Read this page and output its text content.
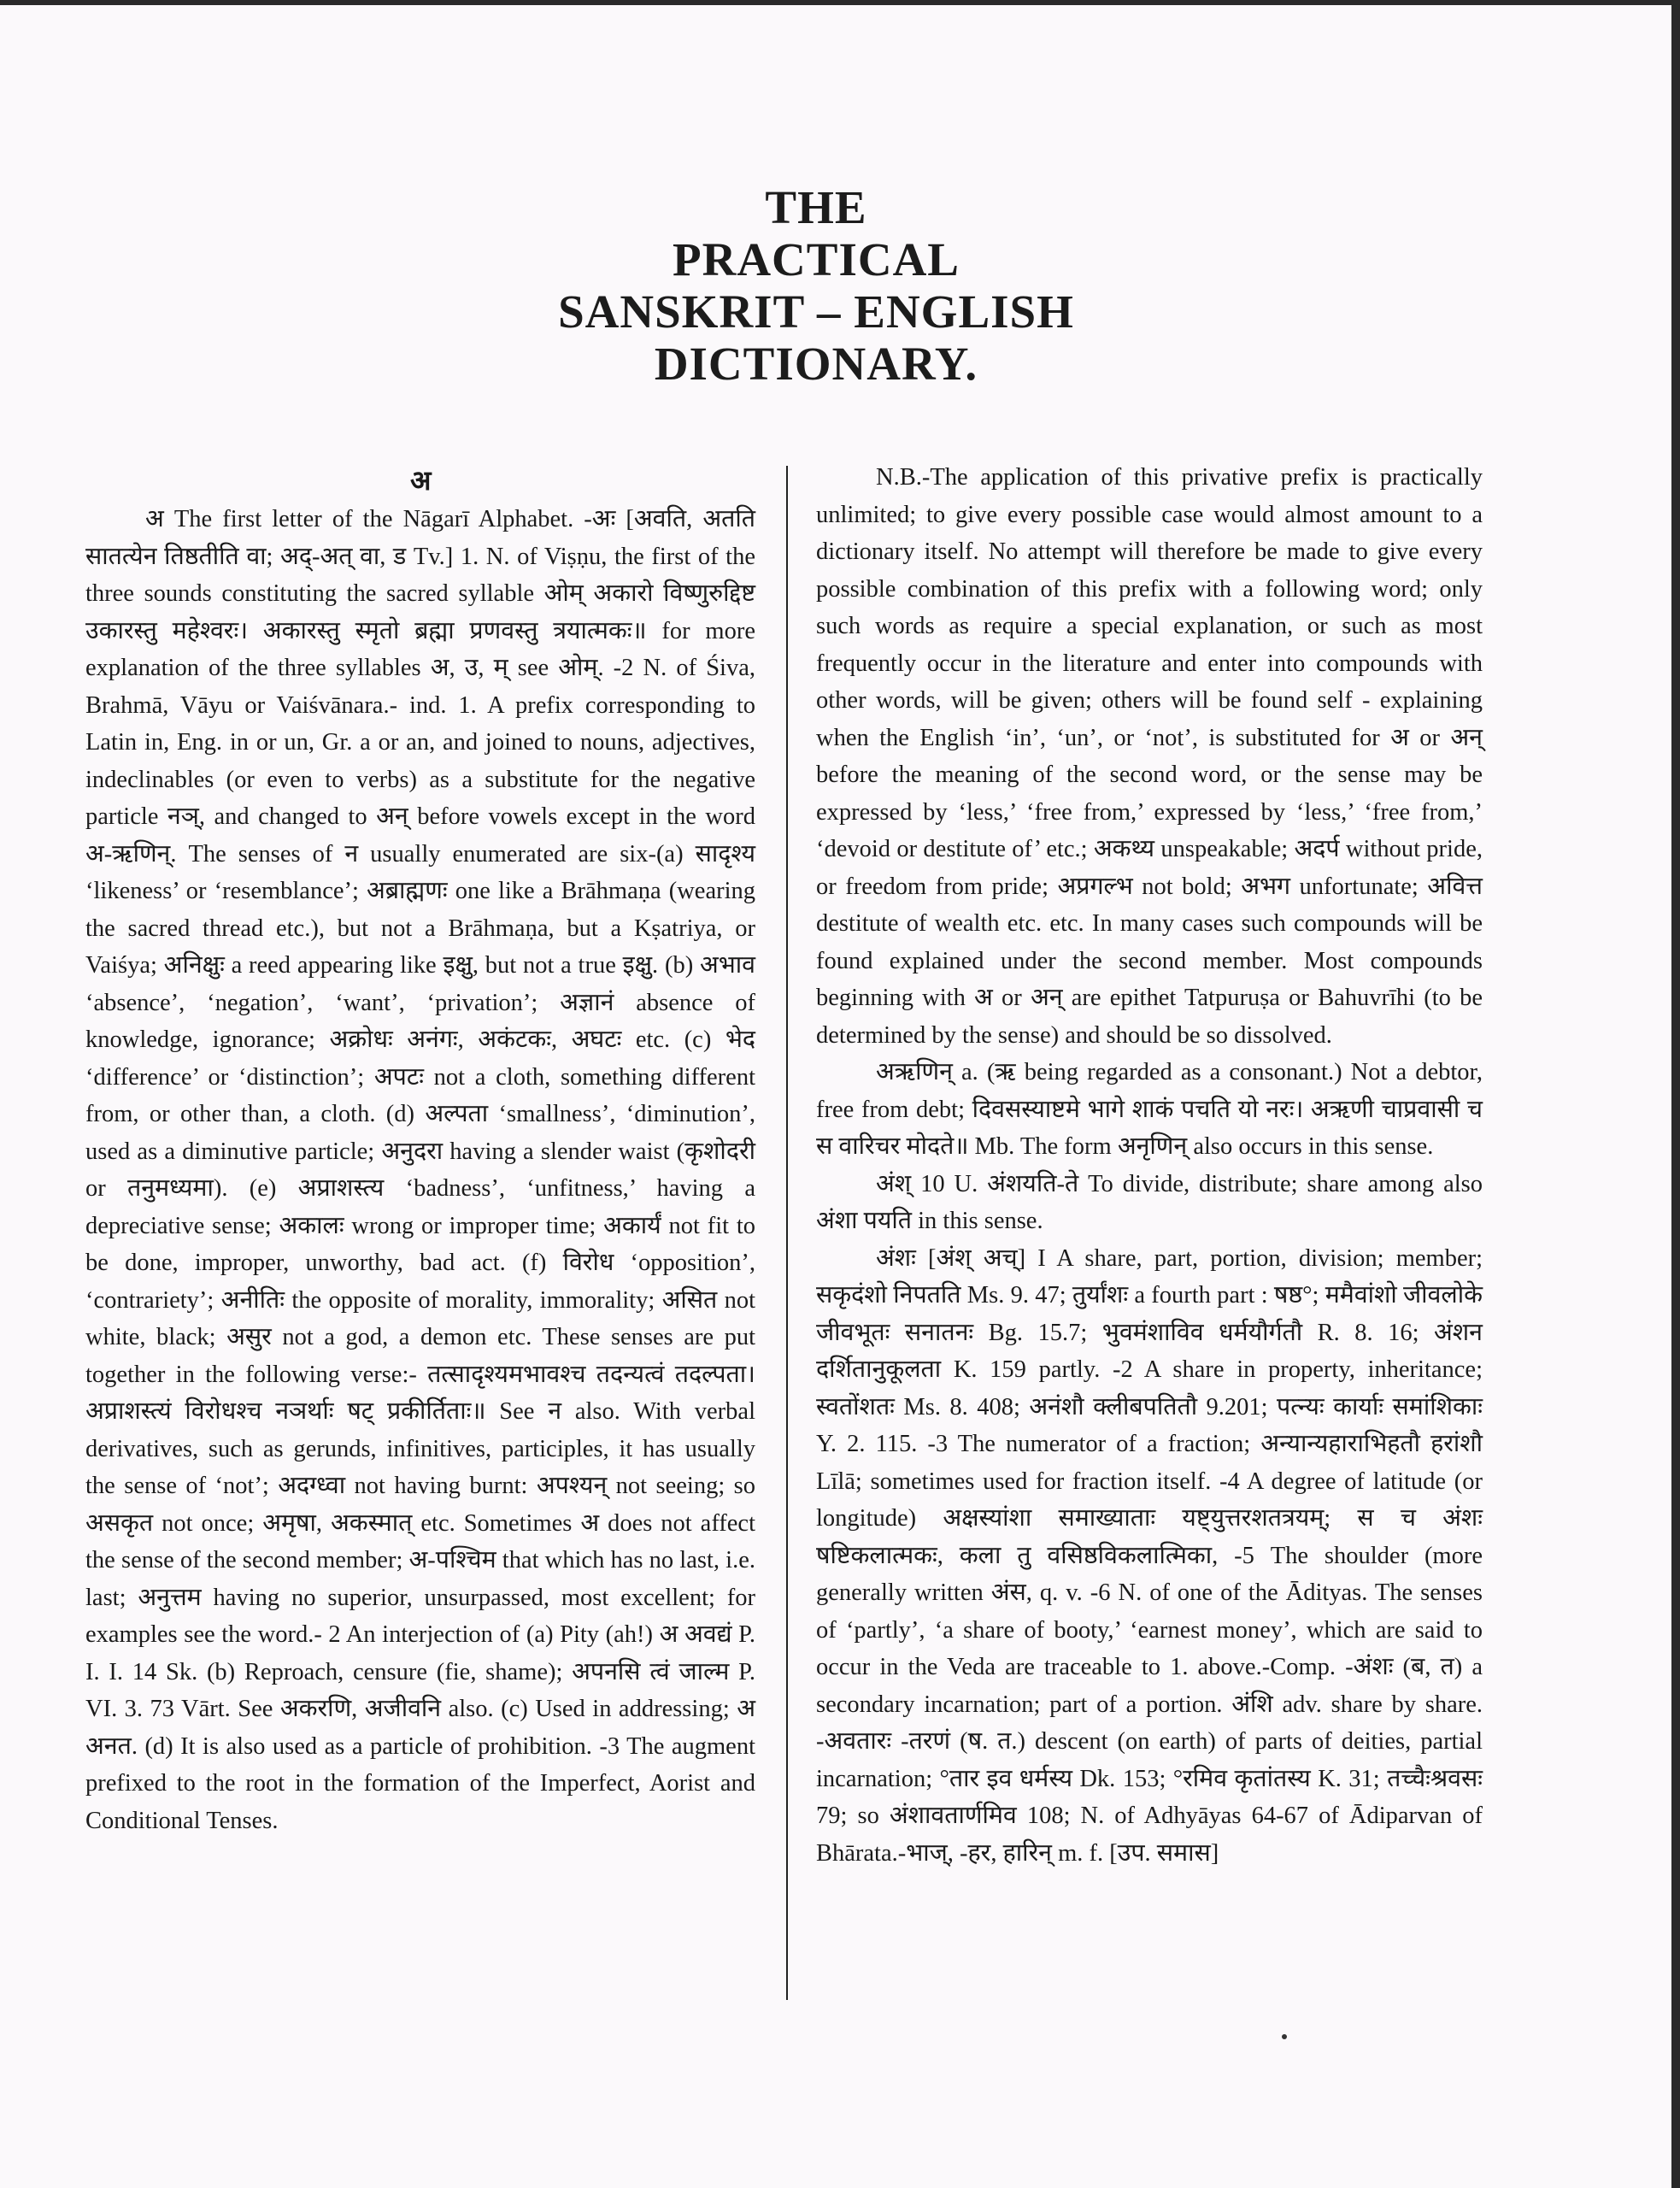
THE
PRACTICAL
SANSKRIT – ENGLISH
DICTIONARY.
अ

अ The first letter of the Nāgarī Alphabet. -अः [अवति, अतति सातत्येन तिष्ठतीति वा; अद्-अत् वा, ड Tv.] 1. N. of Viṣṇu, the first of the three sounds constituting the sacred syllable ओम् अकारो विष्णुरुद्दिष्ट उकारस्तु महेश्वरः। अकारस्तु स्मृतो ब्रह्मा प्रणवस्तु त्रयात्मकः॥ for more explanation of the three syllables अ, उ, म् see ओम्. -2 N. of Śiva, Brahmā, Vāyu or Vaiśvānara.- ind. 1. A prefix corresponding to Latin in, Eng. in or un, Gr. a or an, and joined to nouns, adjectives, indeclinables (or even to verbs) as a substitute for the negative particle नञ्, and changed to अन् before vowels except in the word अ-ऋणिन्. The senses of न usually enumerated are six-(a) सादृश्य ‘likeness’ or ‘resemblance’; अब्राह्मणः one like a Brāhmaṇa (wearing the sacred thread etc.), but not a Brāhmaṇa, but a Kṣatriya, or Vaiśya; अनिक्षुः a reed appearing like इक्षु, but not a true इक्षु. (b) अभाव ‘absence’, ‘negation’, ‘want’, ‘privation’; अज्ञानं absence of knowledge, ignorance; अक्रोधः अनंगः, अकंटकः, अघटः etc. (c) भेद ‘difference’ or ‘distinction’; अपटः not a cloth, something different from, or other than, a cloth. (d) अल्पता ‘smallness’, ‘diminution’, used as a diminutive particle; अनुदरा having a slender waist (कृशोदरी or तनुमध्यमा). (e) अप्राशस्त्य ‘badness’, ‘unfitness,’ having a depreciative sense; अकालः wrong or improper time; अकार्यं not fit to be done, improper, unworthy, bad act. (f) विरोध ‘opposition’, ‘contrariety’; अनीतिः the opposite of morality, immorality; असित not white, black; असुर not a god, a demon etc. These senses are put together in the following verse:- तत्सादृश्यमभावश्च तदन्यत्वं तदल्पता। अप्राशस्त्यं विरोधश्च नञर्थाः षट् प्रकीर्तिताः॥ See न also. With verbal derivatives, such as gerunds, infinitives, participles, it has usually the sense of ‘not’; अदग्ध्वा not having burnt: अपश्यन् not seeing; so असकृत not once; अमृषा, अकस्मात् etc. Sometimes अ does not affect the sense of the second member; अ-पश्चिम that which has no last, i.e. last; अनुत्तम having no superior, unsurpassed, most excellent; for examples see the word.- 2 An interjection of (a) Pity (ah!) अ अवद्यं P. I. I. 14 Sk. (b) Reproach, censure (fie, shame); अपनसि त्वं जाल्म P. VI. 3. 73 Vārt. See अकरणि, अजीवनि also. (c) Used in addressing; अ अनत. (d) It is also used as a particle of prohibition. -3 The augment prefixed to the root in the formation of the Imperfect, Aorist and Conditional Tenses.

N.B.-The application of this privative prefix is practically unlimited; to give every possible case would almost amount to a dictionary itself. No attempt will therefore be made to give every possible combination of this prefix with a following word; only such words as require a special explanation, or such as most frequently occur in the literature and enter into compounds with other words, will be given; others will be found self - explaining when the English ‘in’, ‘un’, or ‘not’, is substituted for अ or अन् before the meaning of the second word, or the sense may be expressed by ‘less,’ ‘free from,’ expressed by ‘less,’ ‘free from,’ ‘devoid or destitute of’ etc.; अकथ्य unspeakable; अदर्प without pride, or freedom from pride; अप्रगल्भ not bold; अभग unfortunate; अवित्त destitute of wealth etc. etc. In many cases such compounds will be found explained under the second member. Most compounds beginning with अ or अन् are epithet Tatpuruṣa or Bahuvrīhi (to be determined by the sense) and should be so dissolved.

अऋणिन् a. (ऋ being regarded as a consonant.) Not a debtor, free from debt; दिवसस्याष्टमे भागे शाकं पचति यो नरः। अऋणी चाप्रवासी च स वारिचर मोदते॥ Mb. The form अनृणिन् also occurs in this sense.

अंश् 10 U. अंशयति-ते To divide, distribute; share among also अंशा पयति in this sense.

अंशः [अंश् अच्] I A share, part, portion, division; member; सकृदंशो निपतति Ms. 9. 47; तुर्यांशः a fourth part : षष्ठ°; ममैवांशो जीवलोके जीवभूतः सनातनः Bg. 15.7; भुवमंशाविव धर्मयौर्गतौ R. 8. 16; अंशन दर्शितानुकूलता K. 159 partly. -2 A share in property, inheritance; स्वतोंशतः Ms. 8. 408; अनंशौ क्लीबपतितौ 9.201; पत्न्यः कार्याः समांशिकाः Y. 2. 115. -3 The numerator of a fraction; अन्यान्यहाराभिहतौ हरांशौ Līlā; sometimes used for fraction itself. -4 A degree of latitude (or longitude) अक्षस्यांशा समाख्याताः यष्ट्युत्तरशतत्रयम्; स च अंशः षष्टिकलात्मकः, कला तु वसिष्ठविकलात्मिका, -5 The shoulder (more generally written अंस, q. v. -6 N. of one of the Ādityas. The senses of ‘partly’, ‘a share of booty,’ ‘earnest money’, which are said to occur in the Veda are traceable to 1. above.-Comp. -अंशः (ब, त) a secondary incarnation; part of a portion. अंशि adv. share by share. -अवतारः -तरणं (ष. त.) descent (on earth) of parts of deities, partial incarnation; °तार इव धर्मस्य Dk. 153; °रमिव कृतांतस्य K. 31; तच्चैःश्रवसः 79; so अंशावतार्णमिव 108; N. of Adhyāyas 64-67 of Ādiparvan of Bhārata.-भाज्, -हर, हारिन् m. f. [उप. समास]
